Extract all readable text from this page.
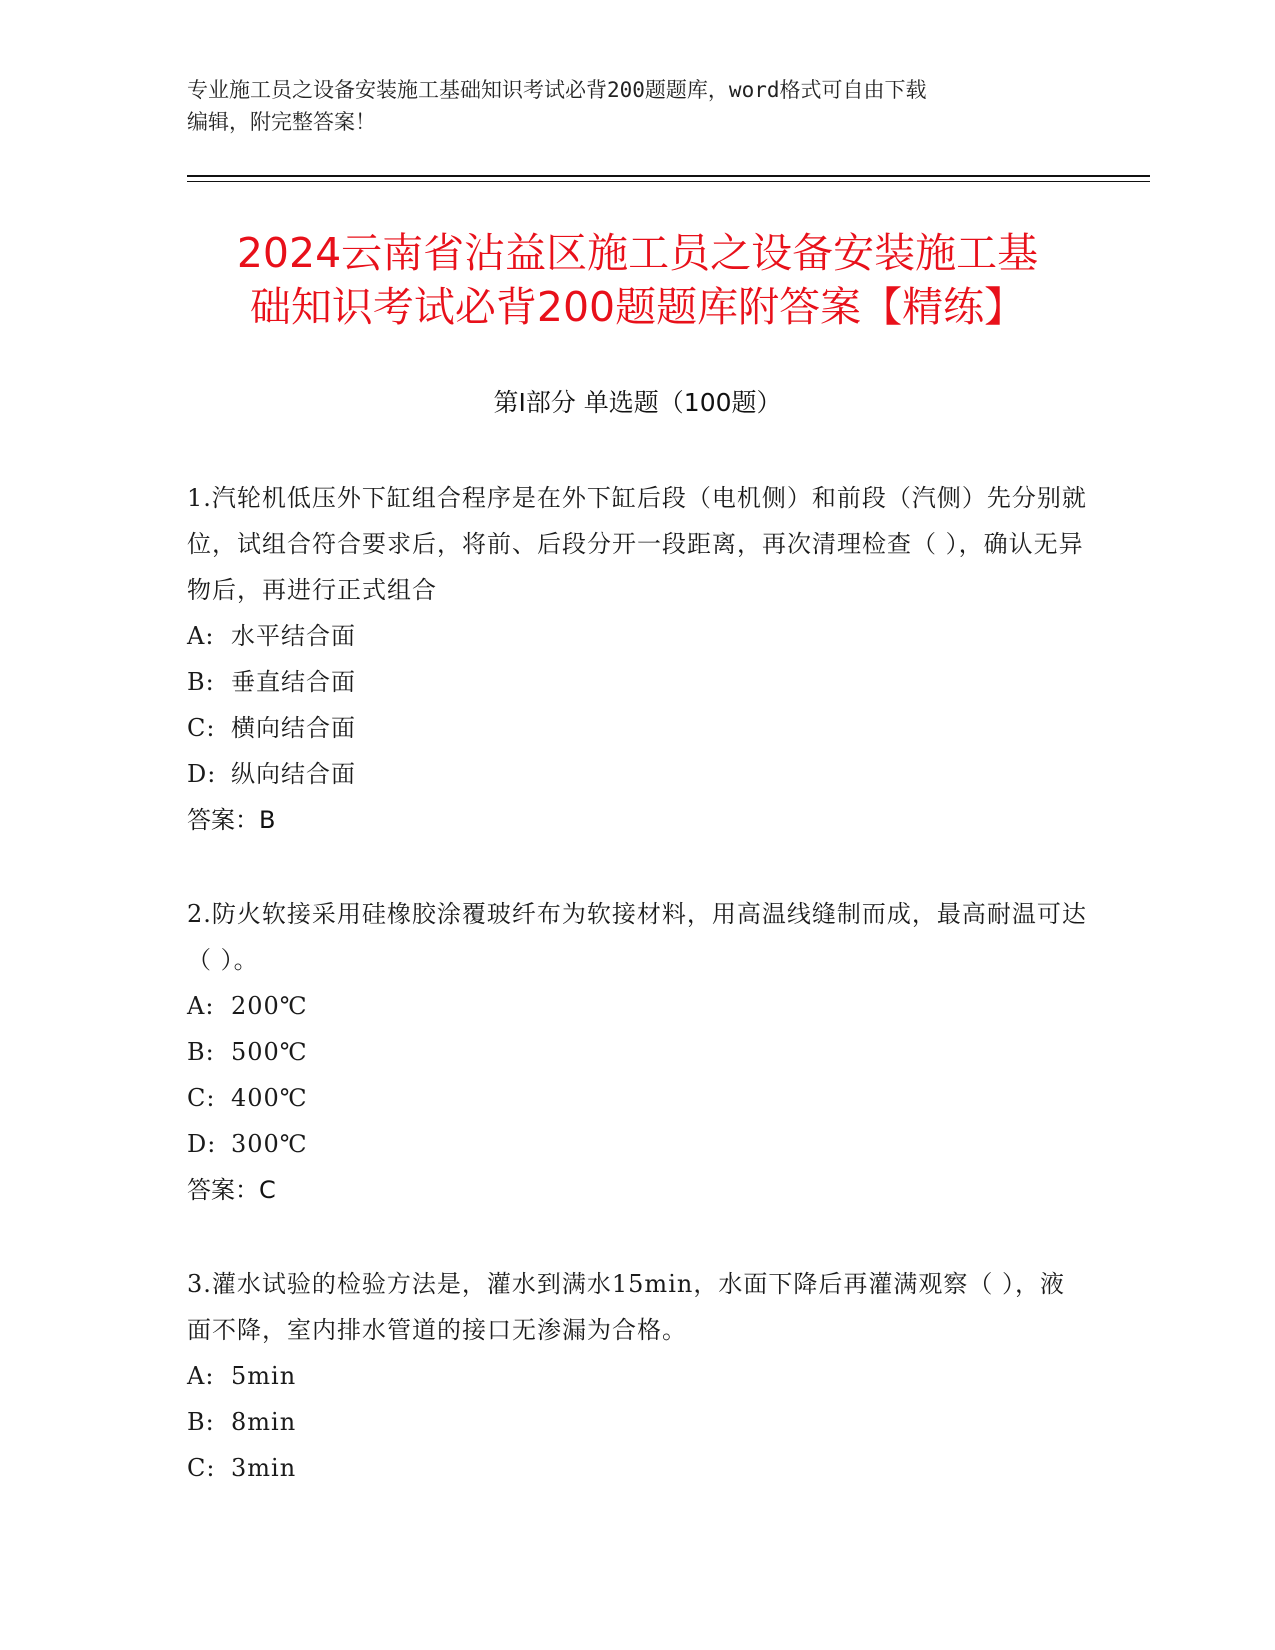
专业施工员之设备安装施工基础知识考试必背200题题库，word格式可自由下载
编辑，附完整答案！
2024云南省沾益区施工员之设备安装施工基
础知识考试必背200题题库附答案【精练】
第Ⅰ部分 单选题（100题）

1.汽轮机低压外下缸组合程序是在外下缸后段（电机侧）和前段（汽侧）先分别就位，试组合符合要求后，将前、后段分开一段距离，再次清理检查（ ），确认无异物后，再进行正式组合

A: 水平结合面
B: 垂直结合面
C: 横向结合面
D: 纵向结合面

答案：B

2.防火软接采用硅橡胶涂覆玻纤布为软接材料，用高温线缝制而成，最高耐温可达（ ）。

A: 200℃
B: 500℃
C: 400℃
D: 300℃

答案：C

3.灌水试验的检验方法是，灌水到满水15min，水面下降后再灌满观察（ ），液面不降，室内排水管道的接口无渗漏为合格。

A: 5min
B: 8min
C: 3min
